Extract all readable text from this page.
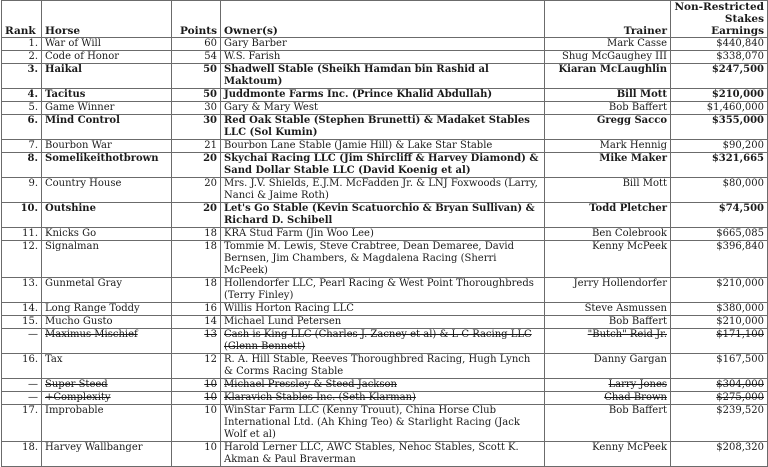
Rank	Horse	Points	Owner(s)	Trainer	Non-Restricted
Stakes Earnings
1.	War of Will	60	Gary Barber	Mark Casse	$440,840
2.	Code of Honor	54	W.S. Farish	Shug McGaughey III	$338,070
3.	Haikal	50	Shadwell Stable (Sheikh Hamdan bin Rashid al Maktoum)	Kiaran McLaughlin	$247,500
4.	Tacitus	50	Juddmonte Farms Inc. (Prince Khalid Abdullah)	Bill Mott	$210,000
5.	Game Winner	30	Gary & Mary West	Bob Baffert	$1,460,000
6.	Mind Control	30	Red Oak Stable (Stephen Brunetti) & Madaket Stables LLC (Sol Kumin)	Gregg Sacco	$355,000
7.	Bourbon War	21	Bourbon Lane Stable (Jamie Hill) & Lake Star Stable	Mark Hennig	$90,200
8.	Somelikeithotbrown	20	Skychai Racing LLC (Jim Shircliff & Harvey Diamond) & Sand Dollar Stable LLC (David Koenig et al)	Mike Maker	$321,665
9.	Country House	20	Mrs. J.V. Shields, E.J.M. McFadden Jr. & LNJ Foxwoods (Larry, Nanci & Jaime Roth)	Bill Mott	$80,000
10.	Outshine	20	Let's Go Stable (Kevin Scatuorchio & Bryan Sullivan) & Richard D. Schibell	Todd Pletcher	$74,500
11.	Knicks Go	18	KRA Stud Farm (Jin Woo Lee)	Ben Colebrook	$665,085
12.	Signalman	18	Tommie M. Lewis, Steve Crabtree, Dean Demaree, David Bernsen, Jim Chambers, & Magdalena Racing (Sherri McPeek)	Kenny McPeek	$396,840
13.	Gunmetal Gray	18	Hollendorfer LLC, Pearl Racing & West Point Thoroughbreds (Terry Finley)	Jerry Hollendorfer	$210,000
14.	Long Range Toddy	16	Willis Horton Racing LLC	Steve Asmussen	$380,000
15.	Mucho Gusto	14	Michael Lund Petersen	Bob Baffert	$210,000
—	Maximus Mischief	13	Cash is King LLC (Charles J. Zacney et al) & L C Racing LLC (Glenn Bennett)	"Butch" Reid Jr.	$171,100
16.	Tax	12	R. A. Hill Stable, Reeves Thoroughbred Racing, Hugh Lynch & Corms Racing Stable	Danny Gargan	$167,500
—	Super Steed	10	Michael Pressley & Steed Jackson	Larry Jones	$304,000
—	+Complexity	10	Klaravich Stables Inc. (Seth Klarman)	Chad Brown	$275,000
17.	Improbable	10	WinStar Farm LLC (Kenny Trouut), China Horse Club International Ltd. (Ah Khing Teo) & Starlight Racing (Jack Wolf et al)	Bob Baffert	$239,520
18.	Harvey Wallbanger	10	Harold Lerner LLC, AWC Stables, Nehoc Stables, Scott K. Akman & Paul Braverman	Kenny McPeek	$208,320
